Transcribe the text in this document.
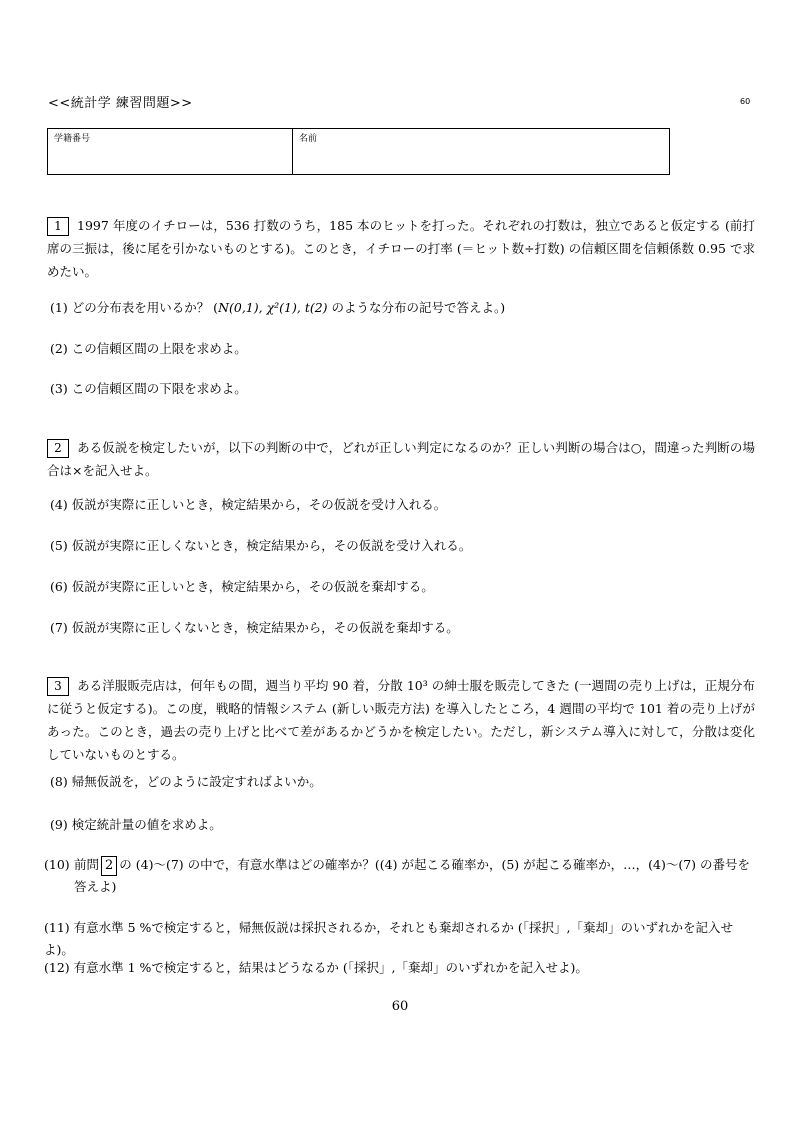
<<統計学 練習問題>>	60
学籍番号	名前
1 1997 年度のイチローは，536 打数のうち，185 本のヒットを打った。それぞれの打数は，独立であると仮定する (前打席の三振は，後に尾を引かないものとする)。このとき，イチローの打率 (＝ヒット数÷打数) の信頼区間を信頼係数 0.95 で求めたい。
(1) どの分布表を用いるか？ (N(0,1), χ²(1), t(2) のような分布の記号で答えよ。)
(2) この信頼区間の上限を求めよ。
(3) この信頼区間の下限を求めよ。
2 ある仮説を検定したいが，以下の判断の中で，どれが正しい判定になるのか？正しい判断の場合は○，間違った判断の場合は×を記入せよ。
(4) 仮説が実際に正しいとき，検定結果から，その仮説を受け入れる。
(5) 仮説が実際に正しくないとき，検定結果から，その仮説を受け入れる。
(6) 仮説が実際に正しいとき，検定結果から，その仮説を棄却する。
(7) 仮説が実際に正しくないとき，検定結果から，その仮説を棄却する。
3 ある洋服販売店は，何年もの間，週当り平均 90 着，分散 10³ の紳士服を販売してきた (一週間の売り上げは，正規分布に従うと仮定する)。この度，戦略的情報システム (新しい販売方法) を導入したところ，4 週間の平均で 101 着の売り上げがあった。このとき，過去の売り上げと比べて差があるかどうかを検定したい。ただし，新システム導入に対して，分散は変化していないものとする。
(8) 帰無仮説を，どのように設定すればよいか。
(9) 検定統計量の値を求めよ。
(10) 前問 2 の (4)〜(7) の中で，有意水準はどの確率か？((4) が起こる確率か，(5) が起こる確率か，…，(4)〜(7) の番号を答えよ)
(11) 有意水準 5 %で検定すると，帰無仮説は採択されるか，それとも棄却されるか (「採択」,「棄却」のいずれかを記入せよ)。
(12) 有意水準 1 %で検定すると，結果はどうなるか (「採択」,「棄却」のいずれかを記入せよ)。
60
